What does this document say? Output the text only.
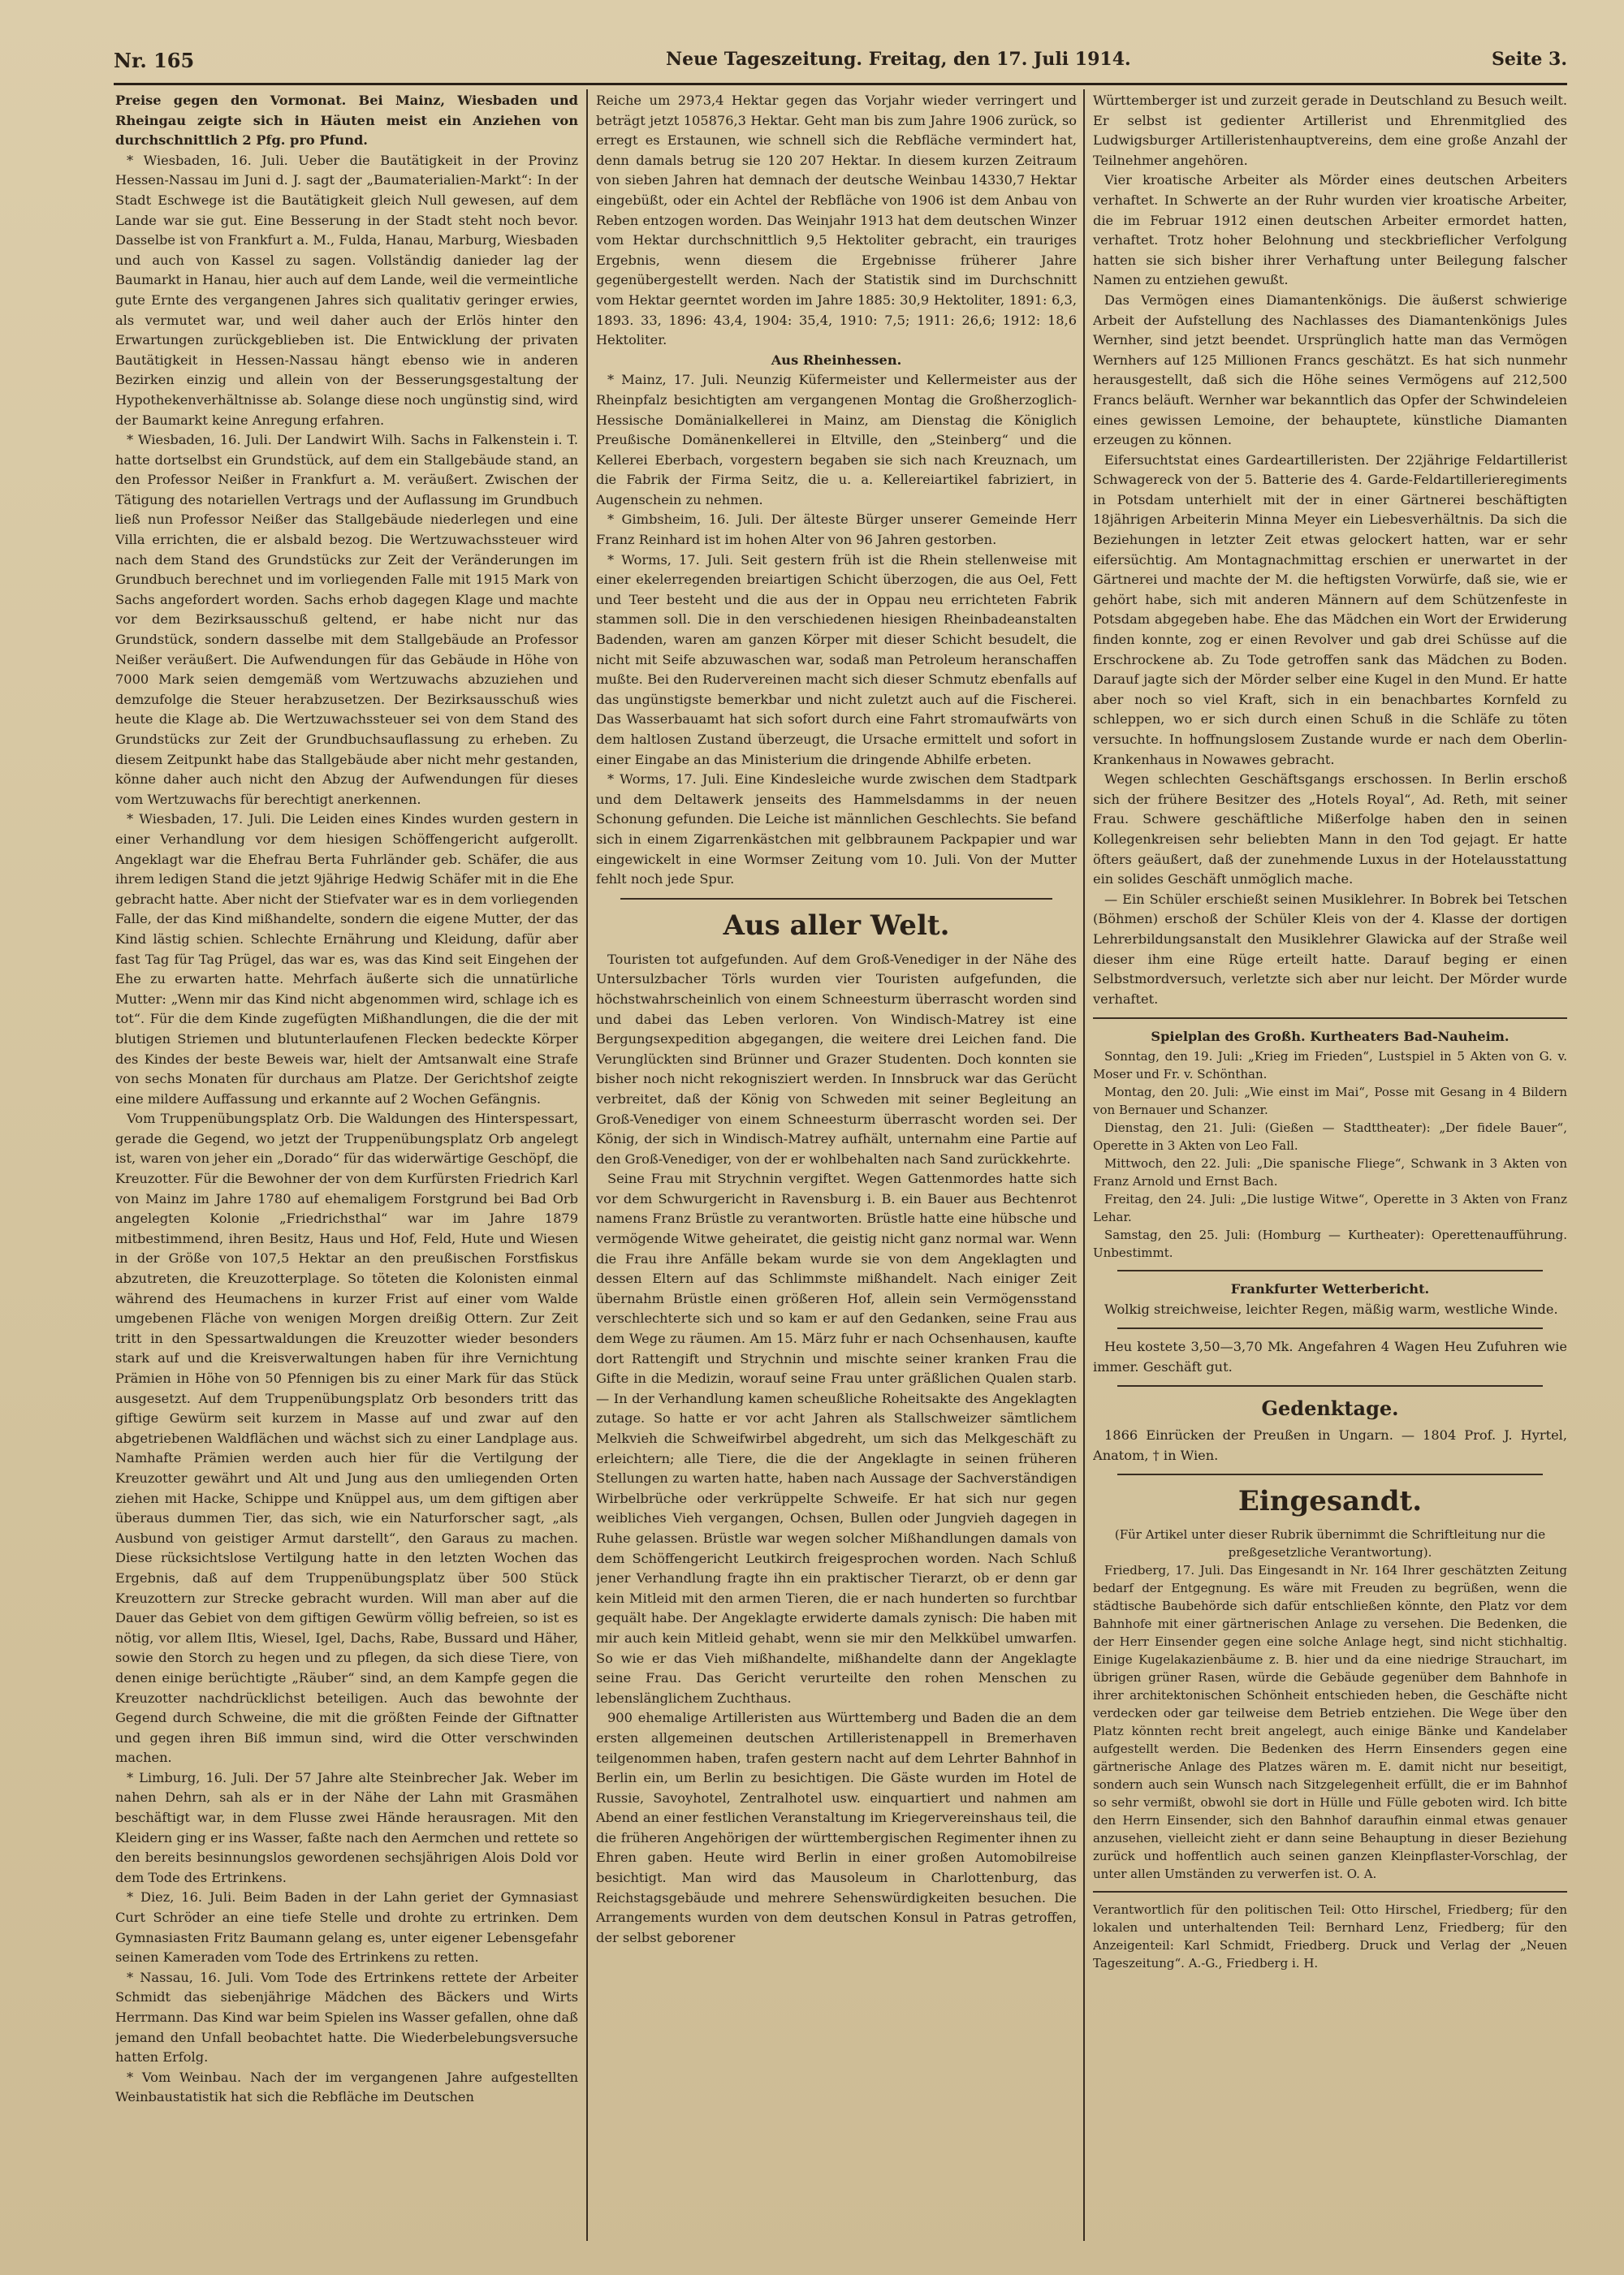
Nr. 165	Neue Tageszeitung. Freitag, den 17. Juli 1914.	Seite 3.

Preise gegen den Vormonat. Bei Mainz, Wiesbaden und Rheingau zeigte sich in Häuten meist ein Anziehen von durchschnittlich 2 Pfg. pro Pfund.

* Wiesbaden, 16. Juli. Ueber die Bautätigkeit in der Provinz Hessen-Nassau im Juni d. J. sagt der „Baumaterialien-Markt“: In der Stadt Eschwege ist die Bautätigkeit gleich Null gewesen, auf dem Lande war sie gut. Eine Besserung in der Stadt steht noch bevor. Dasselbe ist von Frankfurt a. M., Fulda, Hanau, Marburg, Wiesbaden und auch von Kassel zu sagen. Vollständig danieder lag der Baumarkt in Hanau, hier auch auf dem Lande, weil die vermeintliche gute Ernte des vergangenen Jahres sich qualitativ geringer erwies, als vermutet war, und weil daher auch der Erlös hinter den Erwartungen zurückgeblieben ist. Die Entwicklung der privaten Bautätigkeit in Hessen-Nassau hängt ebenso wie in anderen Bezirken einzig und allein von der Besserungsgestaltung der Hypothekenverhältnisse ab. Solange diese noch ungünstig sind, wird der Baumarkt keine Anregung erfahren.

* Wiesbaden, 16. Juli. Der Landwirt Wilh. Sachs in Falkenstein i. T. hatte dortselbst ein Grundstück, auf dem ein Stallgebäude stand, an den Professor Neißer in Frankfurt a. M. veräußert. Zwischen der Tätigung des notariellen Vertrags und der Auflassung im Grundbuch ließ nun Professor Neißer das Stallgebäude niederlegen und eine Villa errichten, die er alsbald bezog. Die Wertzuwachssteuer wird nach dem Stand des Grundstücks zur Zeit der Veränderungen im Grundbuch berechnet und im vorliegenden Falle mit 1915 Mark von Sachs angefordert worden. Sachs erhob dagegen Klage und machte vor dem Bezirksausschuß geltend, er habe nicht nur das Grundstück, sondern dasselbe mit dem Stallgebäude an Professor Neißer veräußert. Die Aufwendungen für das Gebäude in Höhe von 7000 Mark seien demgemäß vom Wertzuwachs abzuziehen und demzufolge die Steuer herabzusetzen. Der Bezirksausschuß wies heute die Klage ab. Die Wertzuwachssteuer sei von dem Stand des Grundstücks zur Zeit der Grundbuchsauflassung zu erheben. Zu diesem Zeitpunkt habe das Stallgebäude aber nicht mehr gestanden, könne daher auch nicht den Abzug der Aufwendungen für dieses vom Wertzuwachs für berechtigt anerkennen.

* Wiesbaden, 17. Juli. Die Leiden eines Kindes wurden gestern in einer Verhandlung vor dem hiesigen Schöffengericht aufgerollt. Angeklagt war die Ehefrau Berta Fuhrländer geb. Schäfer, die aus ihrem ledigen Stand die jetzt 9jährige Hedwig Schäfer mit in die Ehe gebracht hatte. Aber nicht der Stiefvater war es in dem vorliegenden Falle, der das Kind mißhandelte, sondern die eigene Mutter, der das Kind lästig schien. Schlechte Ernährung und Kleidung, dafür aber fast Tag für Tag Prügel, das war es, was das Kind seit Eingehen der Ehe zu erwarten hatte. Mehrfach äußerte sich die unnatürliche Mutter: „Wenn mir das Kind nicht abgenommen wird, schlage ich es tot“. Für die dem Kinde zugefügten Mißhandlungen, die die der mit blutigen Striemen und blutunterlaufenen Flecken bedeckte Körper des Kindes der beste Beweis war, hielt der Amtsanwalt eine Strafe von sechs Monaten für durchaus am Platze. Der Gerichtshof zeigte eine mildere Auffassung und erkannte auf 2 Wochen Gefängnis.

Vom Truppenübungsplatz Orb. Die Waldungen des Hinterspessart, gerade die Gegend, wo jetzt der Truppenübungsplatz Orb angelegt ist, waren von jeher ein „Dorado“ für das widerwärtige Geschöpf, die Kreuzotter. Für die Bewohner der von dem Kurfürsten Friedrich Karl von Mainz im Jahre 1780 auf ehemaligem Forstgrund bei Bad Orb angelegten Kolonie „Friedrichsthal“ war im Jahre 1879 mitbestimmend, ihren Besitz, Haus und Hof, Feld, Hute und Wiesen in der Größe von 107,5 Hektar an den preußischen Forstfiskus abzutreten, die Kreuzotterplage. So töteten die Kolonisten einmal während des Heumachens in kurzer Frist auf einer vom Walde umgebenen Fläche von wenigen Morgen dreißig Ottern. Zur Zeit tritt in den Spessartwaldungen die Kreuzotter wieder besonders stark auf und die Kreisverwaltungen haben für ihre Vernichtung Prämien in Höhe von 50 Pfennigen bis zu einer Mark für das Stück ausgesetzt. Auf dem Truppenübungsplatz Orb besonders tritt das giftige Gewürm seit kurzem in Masse auf und zwar auf den abgetriebenen Waldflächen und wächst sich zu einer Landplage aus. Namhafte Prämien werden auch hier für die Vertilgung der Kreuzotter gewährt und Alt und Jung aus den umliegenden Orten ziehen mit Hacke, Schippe und Knüppel aus, um dem giftigen aber überaus dummen Tier, das sich, wie ein Naturforscher sagt, „als Ausbund von geistiger Armut darstellt“, den Garaus zu machen. Diese rücksichtslose Vertilgung hatte in den letzten Wochen das Ergebnis, daß auf dem Truppenübungsplatz über 500 Stück Kreuzottern zur Strecke gebracht wurden. Will man aber auf die Dauer das Gebiet von dem giftigen Gewürm völlig befreien, so ist es nötig, vor allem Iltis, Wiesel, Igel, Dachs, Rabe, Bussard und Häher, sowie den Storch zu hegen und zu pflegen, da sich diese Tiere, von denen einige berüchtigte „Räuber“ sind, an dem Kampfe gegen die Kreuzotter nachdrücklichst beteiligen. Auch das bewohnte der Gegend durch Schweine, die mit die größten Feinde der Giftnatter und gegen ihren Biß immun sind, wird die Otter verschwinden machen.

* Limburg, 16. Juli. Der 57 Jahre alte Steinbrecher Jak. Weber im nahen Dehrn, sah als er in der Nähe der Lahn mit Grasmähen beschäftigt war, in dem Flusse zwei Hände herausragen. Mit den Kleidern ging er ins Wasser, faßte nach den Aermchen und rettete so den bereits besinnungslos gewordenen sechsjährigen Alois Dold vor dem Tode des Ertrinkens.

* Diez, 16. Juli. Beim Baden in der Lahn geriet der Gymnasiast Curt Schröder an eine tiefe Stelle und drohte zu ertrinken. Dem Gymnasiasten Fritz Baumann gelang es, unter eigener Lebensgefahr seinen Kameraden vom Tode des Ertrinkens zu retten.

* Nassau, 16. Juli. Vom Tode des Ertrinkens rettete der Arbeiter Schmidt das siebenjährige Mädchen des Bäckers und Wirts Herrmann. Das Kind war beim Spielen ins Wasser gefallen, ohne daß jemand den Unfall beobachtet hatte. Die Wiederbelebungsversuche hatten Erfolg.

* Vom Weinbau. Nach der im vergangenen Jahre aufgestellten Weinbaustatistik hat sich die Rebfläche im Deutschen

Reiche um 2973,4 Hektar gegen das Vorjahr wieder verringert und beträgt jetzt 105876,3 Hektar. Geht man bis zum Jahre 1906 zurück, so erregt es Erstaunen, wie schnell sich die Rebfläche vermindert hat, denn damals betrug sie 120 207 Hektar. In diesem kurzen Zeitraum von sieben Jahren hat demnach der deutsche Weinbau 14330,7 Hektar eingebüßt, oder ein Achtel der Rebfläche von 1906 ist dem Anbau von Reben entzogen worden. Das Weinjahr 1913 hat dem deutschen Winzer vom Hektar durchschnittlich 9,5 Hektoliter gebracht, ein trauriges Ergebnis, wenn diesem die Ergebnisse früherer Jahre gegenübergestellt werden. Nach der Statistik sind im Durchschnitt vom Hektar geerntet worden im Jahre 1885: 30,9 Hektoliter, 1891: 6,3, 1893. 33, 1896: 43,4, 1904: 35,4, 1910: 7,5; 1911: 26,6; 1912: 18,6 Hektoliter.

Aus Rheinhessen.

* Mainz, 17. Juli. Neunzig Küfermeister und Kellermeister aus der Rheinpfalz besichtigten am vergangenen Montag die Großherzoglich-Hessische Domänialkellerei in Mainz, am Dienstag die Königlich Preußische Domänenkellerei in Eltville, den „Steinberg“ und die Kellerei Eberbach, vorgestern begaben sie sich nach Kreuznach, um die Fabrik der Firma Seitz, die u. a. Kellereiartikel fabriziert, in Augenschein zu nehmen.

* Gimbsheim, 16. Juli. Der älteste Bürger unserer Gemeinde Herr Franz Reinhard ist im hohen Alter von 96 Jahren gestorben.

* Worms, 17. Juli. Seit gestern früh ist die Rhein stellenweise mit einer ekelerregenden breiartigen Schicht überzogen, die aus Oel, Fett und Teer besteht und die aus der in Oppau neu errichteten Fabrik stammen soll. Die in den verschiedenen hiesigen Rheinbadeanstalten Badenden, waren am ganzen Körper mit dieser Schicht besudelt, die nicht mit Seife abzuwaschen war, sodaß man Petroleum heranschaffen mußte. Bei den Rudervereinen macht sich dieser Schmutz ebenfalls auf das ungünstigste bemerkbar und nicht zuletzt auch auf die Fischerei. Das Wasserbauamt hat sich sofort durch eine Fahrt stromaufwärts von dem haltlosen Zustand überzeugt, die Ursache ermittelt und sofort in einer Eingabe an das Ministerium die dringende Abhilfe erbeten.

* Worms, 17. Juli. Eine Kindesleiche wurde zwischen dem Stadtpark und dem Deltawerk jenseits des Hammelsdamms in der neuen Schonung gefunden. Die Leiche ist männlichen Geschlechts. Sie befand sich in einem Zigarrenkästchen mit gelbbraunem Packpapier und war eingewickelt in eine Wormser Zeitung vom 10. Juli. Von der Mutter fehlt noch jede Spur.

Aus aller Welt.

Touristen tot aufgefunden. Auf dem Groß-Venediger in der Nähe des Untersulzbacher Törls wurden vier Touristen aufgefunden, die höchstwahrscheinlich von einem Schneesturm überrascht worden sind und dabei das Leben verloren. Von Windisch-Matrey ist eine Bergungsexpedition abgegangen, die weitere drei Leichen fand. Die Verunglückten sind Brünner und Grazer Studenten. Doch konnten sie bisher noch nicht rekognisziert werden. In Innsbruck war das Gerücht verbreitet, daß der König von Schweden mit seiner Begleitung an Groß-Venediger von einem Schneesturm überrascht worden sei. Der König, der sich in Windisch-Matrey aufhält, unternahm eine Partie auf den Groß-Venediger, von der er wohlbehalten nach Sand zurückkehrte.

Seine Frau mit Strychnin vergiftet. Wegen Gattenmordes hatte sich vor dem Schwurgericht in Ravensburg i. B. ein Bauer aus Bechtenrot namens Franz Brüstle zu verantworten. Brüstle hatte eine hübsche und vermögende Witwe geheiratet, die geistig nicht ganz normal war. Wenn die Frau ihre Anfälle bekam wurde sie von dem Angeklagten und dessen Eltern auf das Schlimmste mißhandelt. Nach einiger Zeit übernahm Brüstle einen größeren Hof, allein sein Vermögensstand verschlechterte sich und so kam er auf den Gedanken, seine Frau aus dem Wege zu räumen. Am 15. März fuhr er nach Ochsenhausen, kaufte dort Rattengift und Strychnin und mischte seiner kranken Frau die Gifte in die Medizin, worauf seine Frau unter gräßlichen Qualen starb. — In der Verhandlung kamen scheußliche Roheitsakte des Angeklagten zutage. So hatte er vor acht Jahren als Stallschweizer sämtlichem Melkvieh die Schweifwirbel abgedreht, um sich das Melkgeschäft zu erleichtern; alle Tiere, die die der Angeklagte in seinen früheren Stellungen zu warten hatte, haben nach Aussage der Sachverständigen Wirbelbrüche oder verkrüppelte Schweife. Er hat sich nur gegen weibliches Vieh vergangen, Ochsen, Bullen oder Jungvieh dagegen in Ruhe gelassen. Brüstle war wegen solcher Mißhandlungen damals von dem Schöffengericht Leutkirch freigesprochen worden. Nach Schluß jener Verhandlung fragte ihn ein praktischer Tierarzt, ob er denn gar kein Mitleid mit den armen Tieren, die er nach hunderten so furchtbar gequält habe. Der Angeklagte erwiderte damals zynisch: Die haben mit mir auch kein Mitleid gehabt, wenn sie mir den Melkkübel umwarfen. So wie er das Vieh mißhandelte, mißhandelte dann der Angeklagte seine Frau. Das Gericht verurteilte den rohen Menschen zu lebenslänglichem Zuchthaus.

900 ehemalige Artilleristen aus Württemberg und Baden die an dem ersten allgemeinen deutschen Artilleristenappell in Bremerhaven teilgenommen haben, trafen gestern nacht auf dem Lehrter Bahnhof in Berlin ein, um Berlin zu besichtigen. Die Gäste wurden im Hotel de Russie, Savoyhotel, Zentralhotel usw. einquartiert und nahmen am Abend an einer festlichen Veranstaltung im Kriegervereinshaus teil, die die früheren Angehörigen der württembergischen Regimenter ihnen zu Ehren gaben. Heute wird Berlin in einer großen Automobilreise besichtigt. Man wird das Mausoleum in Charlottenburg, das Reichstagsgebäude und mehrere Sehenswürdigkeiten besuchen. Die Arrangements wurden von dem deutschen Konsul in Patras getroffen, der selbst geborener

Württemberger ist und zurzeit gerade in Deutschland zu Besuch weilt. Er selbst ist gedienter Artillerist und Ehrenmitglied des Ludwigsburger Artilleristenhauptvereins, dem eine große Anzahl der Teilnehmer angehören.

Vier kroatische Arbeiter als Mörder eines deutschen Arbeiters verhaftet. In Schwerte an der Ruhr wurden vier kroatische Arbeiter, die im Februar 1912 einen deutschen Arbeiter ermordet hatten, verhaftet. Trotz hoher Belohnung und steckbrieflicher Verfolgung hatten sie sich bisher ihrer Verhaftung unter Beilegung falscher Namen zu entziehen gewußt.

Das Vermögen eines Diamantenkönigs. Die äußerst schwierige Arbeit der Aufstellung des Nachlasses des Diamantenkönigs Jules Wernher, sind jetzt beendet. Ursprünglich hatte man das Vermögen Wernhers auf 125 Millionen Francs geschätzt. Es hat sich nunmehr herausgestellt, daß sich die Höhe seines Vermögens auf 212,500 Francs beläuft. Wernher war bekanntlich das Opfer der Schwindeleien eines gewissen Lemoine, der behauptete, künstliche Diamanten erzeugen zu können.

Eifersuchtstat eines Gardeartilleristen. Der 22jährige Feldartillerist Schwagereck von der 5. Batterie des 4. Garde-Feldartillerieregiments in Potsdam unterhielt mit der in einer Gärtnerei beschäftigten 18jährigen Arbeiterin Minna Meyer ein Liebesverhältnis. Da sich die Beziehungen in letzter Zeit etwas gelockert hatten, war er sehr eifersüchtig. Am Montagnachmittag erschien er unerwartet in der Gärtnerei und machte der M. die heftigsten Vorwürfe, daß sie, wie er gehört habe, sich mit anderen Männern auf dem Schützenfeste in Potsdam abgegeben habe. Ehe das Mädchen ein Wort der Erwiderung finden konnte, zog er einen Revolver und gab drei Schüsse auf die Erschrockene ab. Zu Tode getroffen sank das Mädchen zu Boden. Darauf jagte sich der Mörder selber eine Kugel in den Mund. Er hatte aber noch so viel Kraft, sich in ein benachbartes Kornfeld zu schleppen, wo er sich durch einen Schuß in die Schläfe zu töten versuchte. In hoffnungslosem Zustande wurde er nach dem Oberlin-Krankenhaus in Nowawes gebracht.

Wegen schlechten Geschäftsgangs erschossen. In Berlin erschoß sich der frühere Besitzer des „Hotels Royal“, Ad. Reth, mit seiner Frau. Schwere geschäftliche Mißerfolge haben den in seinen Kollegenkreisen sehr beliebten Mann in den Tod gejagt. Er hatte öfters geäußert, daß der zunehmende Luxus in der Hotelausstattung ein solides Geschäft unmöglich mache.

— Ein Schüler erschießt seinen Musiklehrer. In Bobrek bei Tetschen (Böhmen) erschoß der Schüler Kleis von der 4. Klasse der dortigen Lehrerbildungsanstalt den Musiklehrer Glawicka auf der Straße weil dieser ihm eine Rüge erteilt hatte. Darauf beging er einen Selbstmordversuch, verletzte sich aber nur leicht. Der Mörder wurde verhaftet.

Spielplan des Großh. Kurtheaters Bad-Nauheim.

Sonntag, den 19. Juli: „Krieg im Frieden“, Lustspiel in 5 Akten von G. v. Moser und Fr. v. Schönthan.

Montag, den 20. Juli: „Wie einst im Mai“, Posse mit Gesang in 4 Bildern von Bernauer und Schanzer.

Dienstag, den 21. Juli: (Gießen — Stadttheater): „Der fidele Bauer“, Operette in 3 Akten von Leo Fall.

Mittwoch, den 22. Juli: „Die spanische Fliege“, Schwank in 3 Akten von Franz Arnold und Ernst Bach.

Freitag, den 24. Juli: „Die lustige Witwe“, Operette in 3 Akten von Franz Lehar.

Samstag, den 25. Juli: (Homburg — Kurtheater): Operettenaufführung. Unbestimmt.

Frankfurter Wetterbericht.

Wolkig streichweise, leichter Regen, mäßig warm, westliche Winde.

Heu kostete 3,50—3,70 Mk. Angefahren 4 Wagen Heu Zufuhren wie immer. Geschäft gut.

Gedenktage.

1866 Einrücken der Preußen in Ungarn. — 1804 Prof. J. Hyrtel, Anatom, † in Wien.

Eingesandt.

(Für Artikel unter dieser Rubrik übernimmt die Schriftleitung nur die preßgesetzliche Verantwortung).

Friedberg, 17. Juli. Das Eingesandt in Nr. 164 Ihrer geschätzten Zeitung bedarf der Entgegnung. Es wäre mit Freuden zu begrüßen, wenn die städtische Baubehörde sich dafür entschließen könnte, den Platz vor dem Bahnhofe mit einer gärtnerischen Anlage zu versehen. Die Bedenken, die der Herr Einsender gegen eine solche Anlage hegt, sind nicht stichhaltig. Einige Kugelakazienbäume z. B. hier und da eine niedrige Strauchart, im übrigen grüner Rasen, würde die Gebäude gegenüber dem Bahnhofe in ihrer architektonischen Schönheit entschieden heben, die Geschäfte nicht verdecken oder gar teilweise dem Betrieb entziehen. Die Wege über den Platz könnten recht breit angelegt, auch einige Bänke und Kandelaber aufgestellt werden. Die Bedenken des Herrn Einsenders gegen eine gärtnerische Anlage des Platzes wären m. E. damit nicht nur beseitigt, sondern auch sein Wunsch nach Sitzgelegenheit erfüllt, die er im Bahnhof so sehr vermißt, obwohl sie dort in Hülle und Fülle geboten wird. Ich bitte den Herrn Einsender, sich den Bahnhof daraufhin einmal etwas genauer anzusehen, vielleicht zieht er dann seine Behauptung in dieser Beziehung zurück und hoffentlich auch seinen ganzen Kleinpflaster-Vorschlag, der unter allen Umständen zu verwerfen ist. O. A.

Verantwortlich für den politischen Teil: Otto Hirschel, Friedberg; für den lokalen und unterhaltenden Teil: Bernhard Lenz, Friedberg; für den Anzeigenteil: Karl Schmidt, Friedberg. Druck und Verlag der „Neuen Tageszeitung“. A.-G., Friedberg i. H.
